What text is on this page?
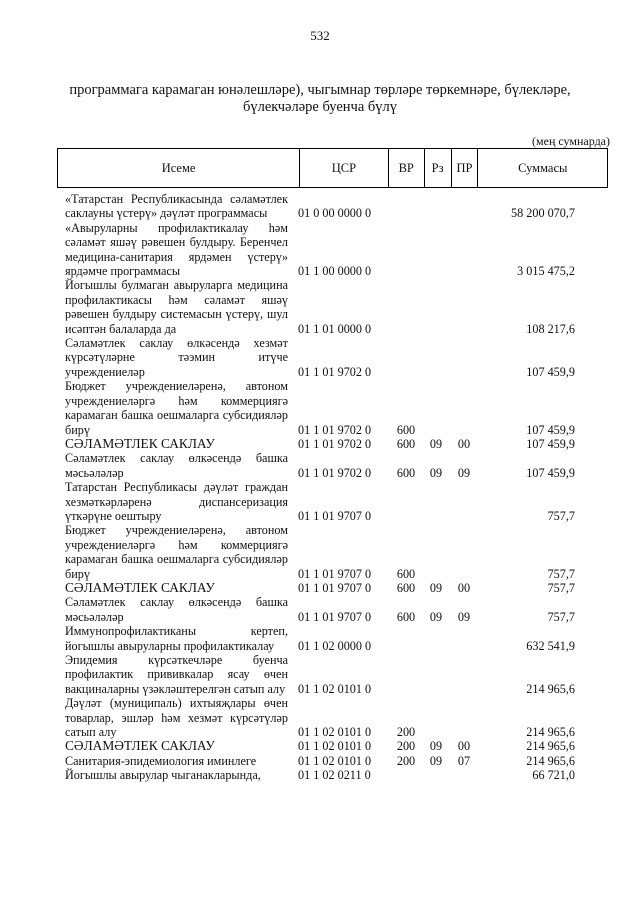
532
программага карамаган юнәлешләре), чыгымнар төрләре төркемнәре, бүлекләре,
бүлекчәләре буенча бүлү
(мең сумнарда)
Исеме	ЦСР	ВР	Рз	ПР	Суммасы
«Татарстан Республикасында сәламәтлек саклауны үстерү» дәүләт программасы	01 0 00 0000 0	58 200 070,7
«Авыруларны профилактикалау һәм сәламәт яшәү рәвешен булдыру. Беренчел медицина-санитария ярдәмен үстерү» ярдәмче программасы	01 1 00 0000 0	3 015 475,2
Йогышлы булмаган авыруларга медицина профилактикасы һәм сәламәт яшәү рәвешен булдыру системасын үстерү, шул исәптән балаларда да	01 1 01 0000 0	108 217,6
Сәламәтлек саклау өлкәсендә хезмәт күрсәтүләрне тәэмин итүче учреждениеләр	01 1 01 9702 0	107 459,9
Бюджет учреждениеләренә, автоном учреждениеләргә һәм коммерциягә карамаган башка оешмаларга субсидияләр бирү	01 1 01 9702 0	600	107 459,9
СӘЛАМӘТЛЕК САКЛАУ	01 1 01 9702 0	600	09	00	107 459,9
Сәламәтлек саклау өлкәсендә башка мәсьәләләр	01 1 01 9702 0	600	09	09	107 459,9
Татарстан Республикасы дәүләт граждан хезмәткәрләренә диспансеризация үткәрүне оештыру	01 1 01 9707 0	757,7
Бюджет учреждениеләренә, автоном учреждениеләргә һәм коммерциягә карамаган башка оешмаларга субсидияләр бирү	01 1 01 9707 0	600	757,7
СӘЛАМӘТЛЕК САКЛАУ	01 1 01 9707 0	600	09	00	757,7
Сәламәтлек саклау өлкәсендә башка мәсьәләләр	01 1 01 9707 0	600	09	09	757,7
Иммунопрофилактиканы кертеп, йогышлы авыруларны профилактикалау	01 1 02 0000 0	632 541,9
Эпидемия күрсәткечләре буенча профилактик прививкалар ясау өчен вакциналарны үзәкләштерелгән сатып алу 01 1 02 0101 0	214 965,6
Дәүләт (муниципаль) ихтыяҗлары өчен товарлар, эшләр һәм хезмәт күрсәтүләр сатып алу	01 1 02 0101 0	200	214 965,6
СӘЛАМӘТЛЕК САКЛАУ	01 1 02 0101 0	200	09	00	214 965,6
Санитария-эпидемиология иминлеге	01 1 02 0101 0	200	09	07	214 965,6
Йогышлы авырулар чыганакларында,	01 1 02 0211 0	66 721,0
